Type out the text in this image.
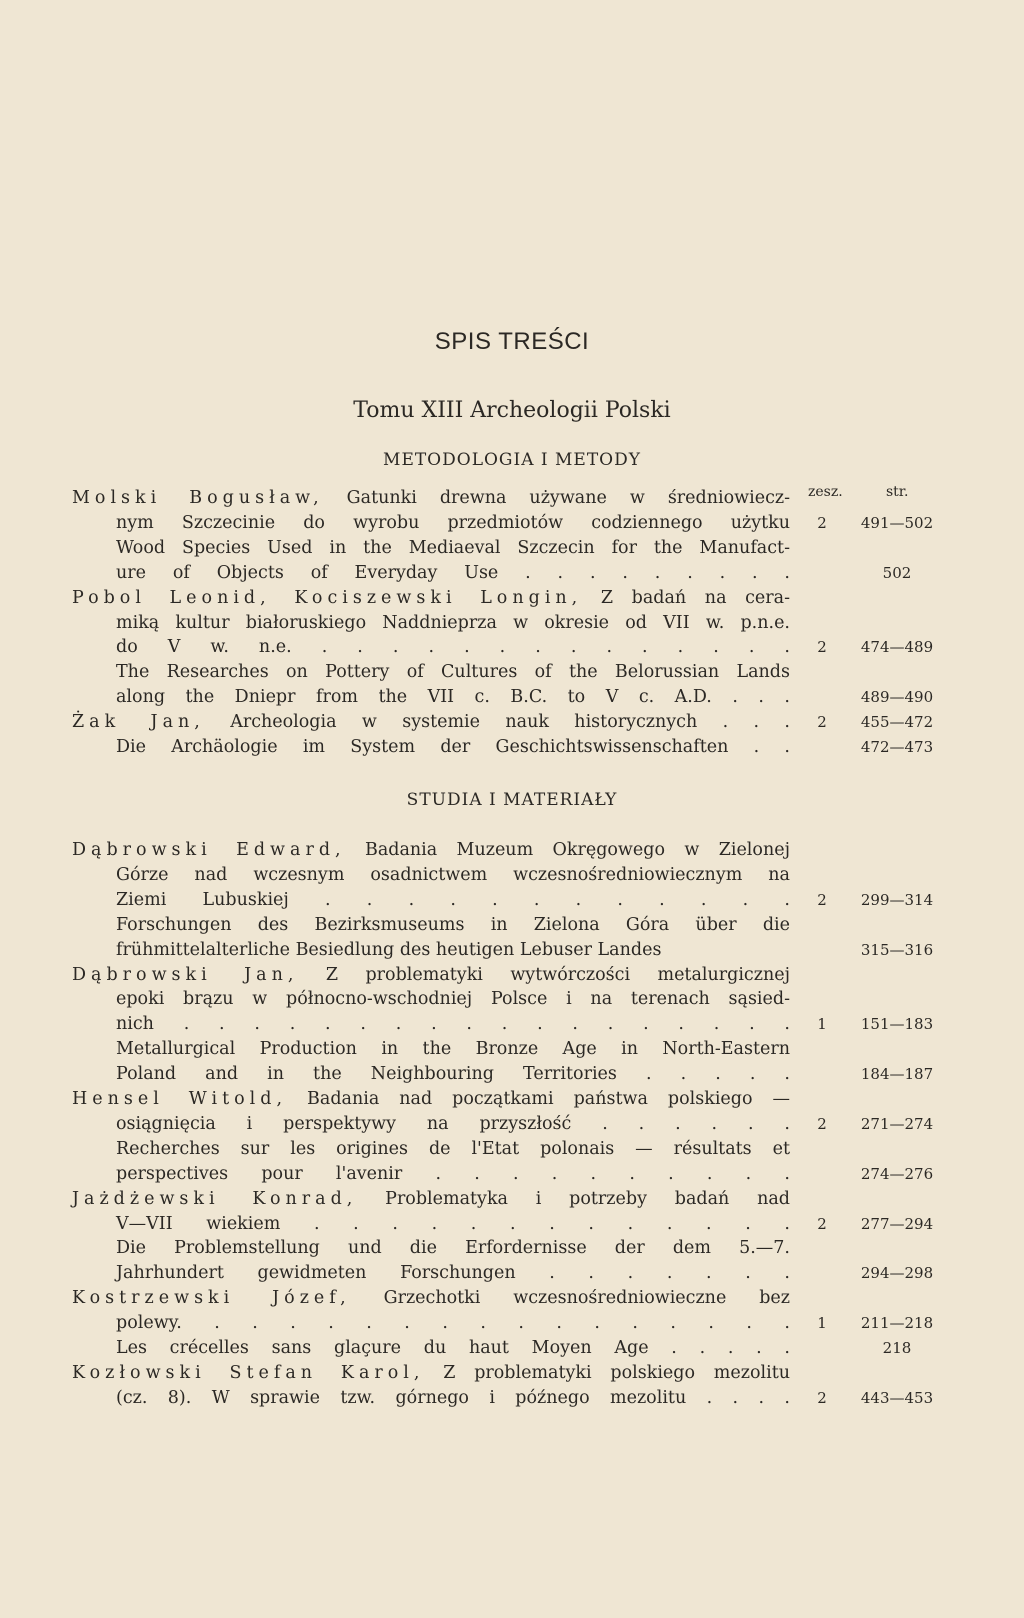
SPIS TREŚCI
Tomu XIII Archeologii Polski
zesz.	str.
METODOLOGIA I METODY
Molski Bogusław, Gatunki drewna używane w średniowiecz-
nym Szczecinie do wyrobu przedmiotów codziennego użytku	2	491—502
Wood Species Used in the Mediaeval Szczecin for the Manufact-
ure of Objects of Everyday Use . . . . . . . . .	502
Pobol Leonid, Kociszewski Longin, Z badań na cera-
miką kultur białoruskiego Naddnieprza w okresie od VII w. p.n.e.
do V w. n.e. . . . . . . . . . . . . . .	2	474—489
The Researches on Pottery of Cultures of the Belorussian Lands
along the Dniepr from the VII c. B.C. to V c. A.D. . . .	489—490
Żak Jan, Archeologia w systemie nauk historycznych . . .	2	455—472
Die Archäologie im System der Geschichtswissenschaften . .	472—473
STUDIA I MATERIAŁY
Dąbrowski Edward, Badania Muzeum Okręgowego w Zielonej
Górze nad wczesnym osadnictwem wczesnośredniowiecznym na
Ziemi Lubuskiej . . . . . . . . . . . .	2	299—314
Forschungen des Bezirksmuseums in Zielona Góra über die
frühmittelalterliche Besiedlung des heutigen Lebuser Landes	315—316
Dąbrowski Jan, Z problematyki wytwórczości metalurgicznej
epoki brązu w północno-wschodniej Polsce i na terenach sąsied-
nich . . . . . . . . . . . . . . . . . .	1	151—183
Metallurgical Production in the Bronze Age in North-Eastern
Poland and in the Neighbouring Territories . . . . .	184—187
Hensel Witold, Badania nad początkami państwa polskiego —
osiągnięcia i perspektywy na przyszłość . . . . . .	2	271—274
Recherches sur les origines de l'Etat polonais — résultats et
perspectives pour l'avenir . . . . . . . . . .	274—276
Jażdżewski Konrad, Problematyka i potrzeby badań nad
V—VII wiekiem . . . . . . . . . . . . .	2	277—294
Die Problemstellung und die Erfordernisse der dem 5.—7.
Jahrhundert gewidmeten Forschungen . . . . . . .	294—298
Kostrzewski Józef, Grzechotki wczesnośredniowieczne bez
polewy. . . . . . . . . . . . . . . . .	1	211—218
Les crécelles sans glaçure du haut Moyen Age . . . . .	218
Kozłowski Stefan Karol, Z problematyki polskiego mezolitu
(cz. 8). W sprawie tzw. górnego i późnego mezolitu . . . .	2	443—453
